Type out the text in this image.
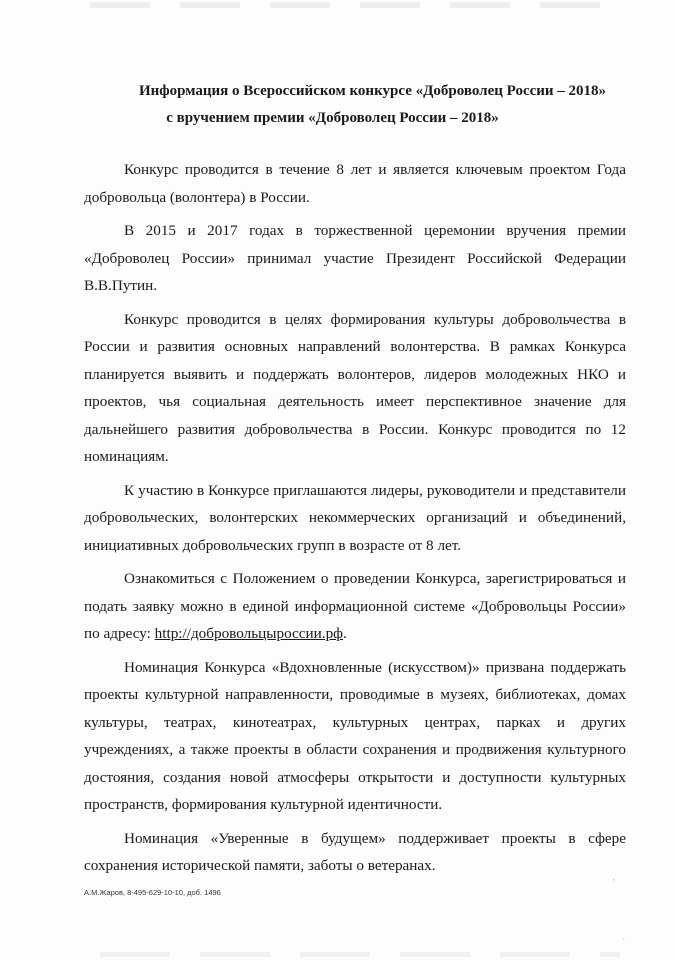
Информация о Всероссийском конкурсе «Доброволец России – 2018»
с вручением премии «Доброволец России – 2018»

Конкурс проводится в течение 8 лет и является ключевым проектом Года добровольца (волонтера) в России.

В 2015 и 2017 годах в торжественной церемонии вручения премии «Доброволец России» принимал участие Президент Российской Федерации В.В.Путин.

Конкурс проводится в целях формирования культуры добровольчества в России и развития основных направлений волонтерства. В рамках Конкурса планируется выявить и поддержать волонтеров, лидеров молодежных НКО и проектов, чья социальная деятельность имеет перспективное значение для дальнейшего развития добровольчества в России. Конкурс проводится по 12 номинациям.

К участию в Конкурсе приглашаются лидеры, руководители и представители добровольческих, волонтерских некоммерческих организаций и объединений, инициативных добровольческих групп в возрасте от 8 лет.

Ознакомиться с Положением о проведении Конкурса, зарегистрироваться и подать заявку можно в единой информационной системе «Добровольцы России» по адресу: http://добровольцыроссии.рф.

Номинация Конкурса «Вдохновленные (искусством)» призвана поддержать проекты культурной направленности, проводимые в музеях, библиотеках, домах культуры, театрах, кинотеатрах, культурных центрах, парках и других учреждениях, а также проекты в области сохранения и продвижения культурного достояния, создания новой атмосферы открытости и доступности культурных пространств, формирования культурной идентичности.

Номинация «Уверенные в будущем» поддерживает проекты в сфере сохранения исторической памяти, заботы о ветеранах.

А.М.Жаров, 8-495-629-10-10, доб. 1496
’
·
